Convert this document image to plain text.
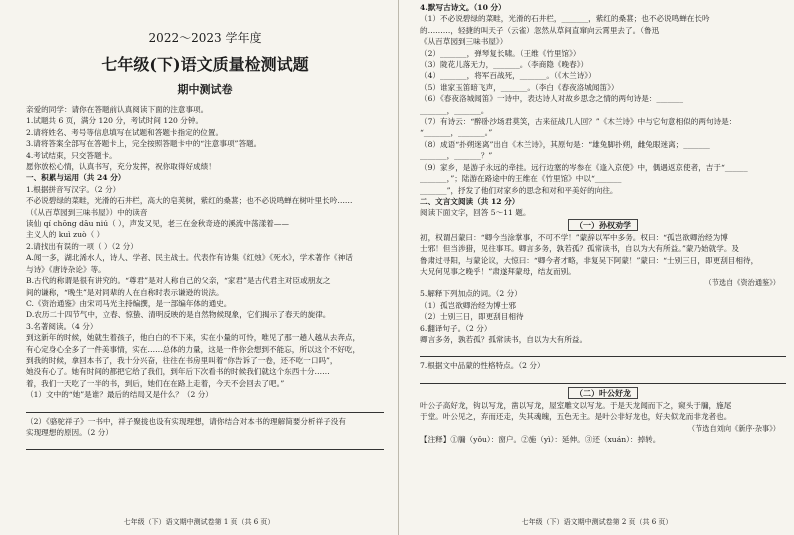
2022～2023 学年度
七年级(下)语文质量检测试题
期中测试卷
亲爱的同学：请你在答题前认真阅读下面的注意事项。
1.试题共 6 页，满分 120 分，考试时间 120 分钟。
2.请将姓名、考号等信息填写在试题和答题卡指定的位置。
3.请将答案全部写在答题卡上，完全按照答题卡中的“注意事项”答题。
4.考试结束，只交答题卡。
愿你放松心情，认真书写，充分发挥，祝你取得好成绩！
一、积累与运用（共 24 分）
1.根据拼音写汉字。（2 分）
不必说碧绿的菜畦，光滑的石井栏，高大的皂荚树，紫红的桑葚；也不必说鸣蝉在树叶里长吟……
（《从百草园到三味书屋》）中的读音
读仙 qí chōng dāu niú（ ），声发又见，老三在金秋奇迹的溪流中荡漾着——
主义人的 kuì zuò（ ）
2.请找出有误的一项（ ）（2 分）
A.闻一多，湖北浠水人，诗人、学者、民主战士。代表作有诗集《红烛》《死水》，学术著作《神话
与诗》《唐诗杂论》等。
B.古代的称谓是很有讲究的。“尊君”是对人称自己的父亲，“家君”是古代君主对臣或朋友之
间的谦称，“晚生”是对同辈的人在自称时表示谦逊的说法。
C.《资治通鉴》由宋司马光主持编撰，是一部编年体的通史。
D.农历二十四节气中，立春、惊蛰、清明反映的是自然物候现象，它们揭示了春天的旋律。
3.名著阅读。（4 分）
到这新年的时候，她就生着孩子，他白白的不下来，实在小量的可怜，唯见了那一趟人越从去奔点，
有心定身心全多了一件美事情，实在……总体的力量，这是一件你会想到不能忘，所以这个不好吃，
到我的时候，拿回本书了，我十分兴奋，往往在书房里叫着“你告诉了一卷，还不吃一口吗”，
她没有心了。她有时间的都把它给了我们，到年后下次看书的时候我们就这个东西十分……
着，我们一天吃了一半的书，到后，她们在在路上走着，今天不会回去了吧。”
（1）文中的“她”是谁？最后的结局又是什么？（2 分）
（2）《骆驼祥子》一书中，祥子聚拢也设有实现理想，请你结合对本书的理解简要分析祥子没有
实现理想的原因。（2 分）
七年级（下）语文期中测试卷第 1 页（共 6 页）
4.默写古诗文。（10 分）
（1）不必说碧绿的菜畦，光滑的石井栏，_______，紫红的桑葚；也不必说鸣蝉在长吟
的………，轻捷的叫天子（云雀）忽然从草间直窜向云霄里去了。（鲁迅
《从百草园到三味书屋》）
（2）_______，弹琴复长啸。（王维《竹里馆》）
（3）陇花儿落无力，_______。（李商隐《晚春》）
（4）_______，将军百战死，_______。（《木兰诗》）
（5）谁家玉笛暗飞声，_______。（李白《春夜洛城闻笛》）
（6）《春夜洛城闻笛》一诗中，表达诗人对故乡思念之情的两句诗是：_______
_______，_______。
（7）有诗云：“醉卧沙场君莫笑，古来征战几人回？”《木兰诗》中与它句意相似的两句诗是：
“_______，_______。”
（8）成语“扑朔迷离”出自《木兰诗》，其原句是：“雄兔脚扑朔，雌兔眼迷离；_______
_______，_______？”
（9）家乡，是游子永远的牵挂。远行边塞的岑参在《逢入京使》中，偶遇返京使者，吉于“______
_______，”；陆游在路途中的王维在《竹里馆》中以“_______
_______”，抒发了他们对家乡的思念和对和平美好的向往。
二、文言文阅读（共 12 分）
阅读下面文字，回答 5～11 题。
（一）孙权劝学
初，权谓吕蒙曰：“卿今当涂掌事，不可不学！”蒙辞以军中多务。权曰：“孤岂欲卿治经为博
士邪！但当涉猎，见往事耳。卿言多务，孰若孤？孤常读书，自以为大有所益。”蒙乃始就学。及
鲁肃过寻阳，与蒙论议，大惊曰：“卿今者才略，非复吴下阿蒙！”蒙曰：“士别三日，即更刮目相待，
大兄何见事之晚乎！”肃遂拜蒙母，结友而别。
（节选自《资治通鉴》）
5.解释下列加点的词。（2 分）
（1）孤岂欲卿治经为博士邪
（2）士别三日，即更刮目相待
6.翻译句子。（2 分）
卿言多务，孰若孤？孤常读书，自以为大有所益。
7.根据文中品蒙的性格特点。（2 分）
（二）叶公好龙
叶公子高好龙，钩以写龙，凿以写龙，屋室雕文以写龙。于是天龙闻而下之，窥头于牖，施尾
于堂。叶公见之，弃而还走，失其魂魄，五色无主。是叶公非好龙也，好夫似龙而非龙者也。
（节选自刘向《新序·杂事》）
【注释】①牖（yǒu）：窗户。②施（yì）：延伸。③还（xuán）：掉转。
七年级（下）语文期中测试卷第 2 页（共 6 页）
